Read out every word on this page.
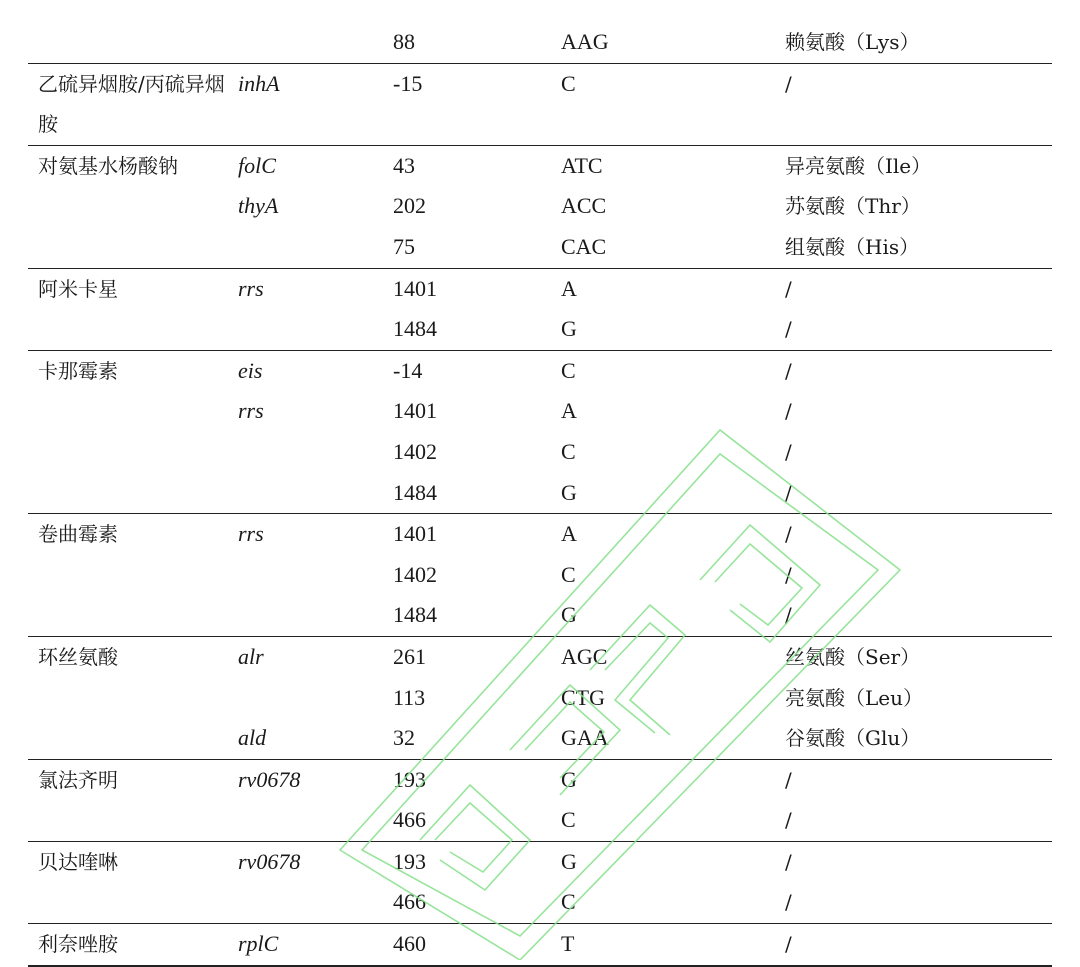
		88	AAG	赖氨酸（Lys）
乙硫异烟胺/丙硫异烟胺	inhA	-15	C	/
对氨基水杨酸钠	folC	43	ATC	异亮氨酸（Ile）
	thyA	202	ACC	苏氨酸（Thr）
		75	CAC	组氨酸（His）
阿米卡星	rrs	1401	A	/
		1484	G	/
卡那霉素	eis	-14	C	/
	rrs	1401	A	/
		1402	C	/
		1484	G	/
卷曲霉素	rrs	1401	A	/
		1402	C	/
		1484	G	/
环丝氨酸	alr	261	AGC	丝氨酸（Ser）
		113	CTG	亮氨酸（Leu）
	ald	32	GAA	谷氨酸（Glu）
氯法齐明	rv0678	193	G	/
		466	C	/
贝达喹啉	rv0678	193	G	/
		466	C	/
利奈唑胺	rplC	460	T	/
